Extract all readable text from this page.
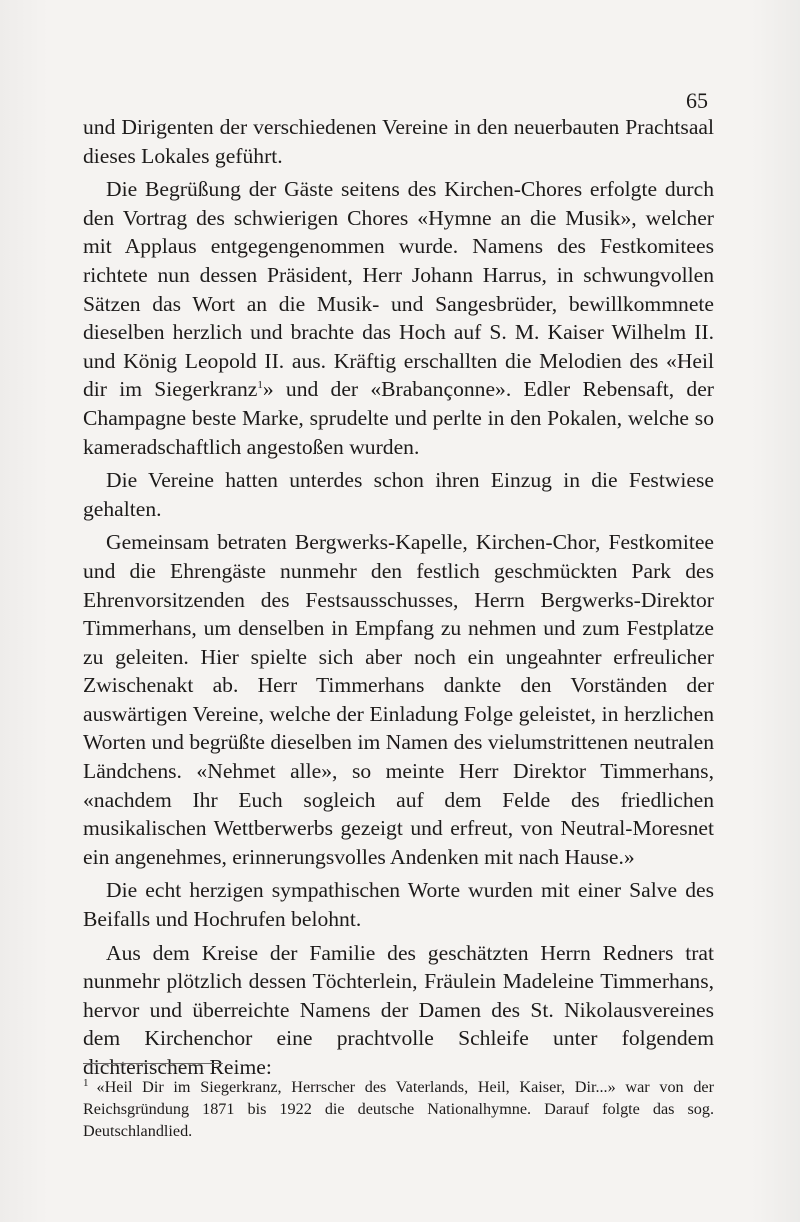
65

und Dirigenten der verschiedenen Vereine in den neuerbauten Prachtsaal dieses Lokales geführt.

Die Begrüßung der Gäste seitens des Kirchen-Chores erfolgte durch den Vortrag des schwierigen Chores «Hymne an die Musik», welcher mit Applaus entgegengenommen wurde. Namens des Festkomitees richtete nun dessen Präsident, Herr Johann Harrus, in schwungvollen Sätzen das Wort an die Musik- und Sangesbrüder, bewillkommnete dieselben herzlich und brachte das Hoch auf S. M. Kaiser Wilhelm II. und König Leopold II. aus. Kräftig erschallten die Melodien des «Heil dir im Siegerkranz$^1$» und der «Brabançonne». Edler Rebensaft, der Champagne beste Marke, sprudelte und perlte in den Pokalen, welche so kameradschaftlich angestoßen wurden.

Die Vereine hatten unterdes schon ihren Einzug in die Festwiese gehalten.

Gemeinsam betraten Bergwerks-Kapelle, Kirchen-Chor, Festkomitee und die Ehrengäste nunmehr den festlich geschmückten Park des Ehrenvorsitzenden des Festsausschusses, Herrn Bergwerks-Direktor Timmerhans, um denselben in Empfang zu nehmen und zum Festplatze zu geleiten. Hier spielte sich aber noch ein ungeahnter erfreulicher Zwischenakt ab. Herr Timmerhans dankte den Vorständen der auswärtigen Vereine, welche der Einladung Folge geleistet, in herzlichen Worten und begrüßte dieselben im Namen des vielumstrittenen neutralen Ländchens. «Nehmet alle», so meinte Herr Direktor Timmerhans, «nachdem Ihr Euch sogleich auf dem Felde des friedlichen musikalischen Wettberwerbs gezeigt und erfreut, von Neutral-Moresnet ein angenehmes, erinnerungsvolles Andenken mit nach Hause.»

Die echt herzigen sympathischen Worte wurden mit einer Salve des Beifalls und Hochrufen belohnt.

Aus dem Kreise der Familie des geschätzten Herrn Redners trat nunmehr plötzlich dessen Töchterlein, Fräulein Madeleine Timmerhans, hervor und überreichte Namens der Damen des St. Nikolausvereines dem Kirchenchor eine prachtvolle Schleife unter folgendem dichterischem Reime:

$^1$ «Heil Dir im Siegerkranz, Herrscher des Vaterlands, Heil, Kaiser, Dir...» war von der Reichsgründung 1871 bis 1922 die deutsche Nationalhymne. Darauf folgte das sog. Deutschlandlied.
